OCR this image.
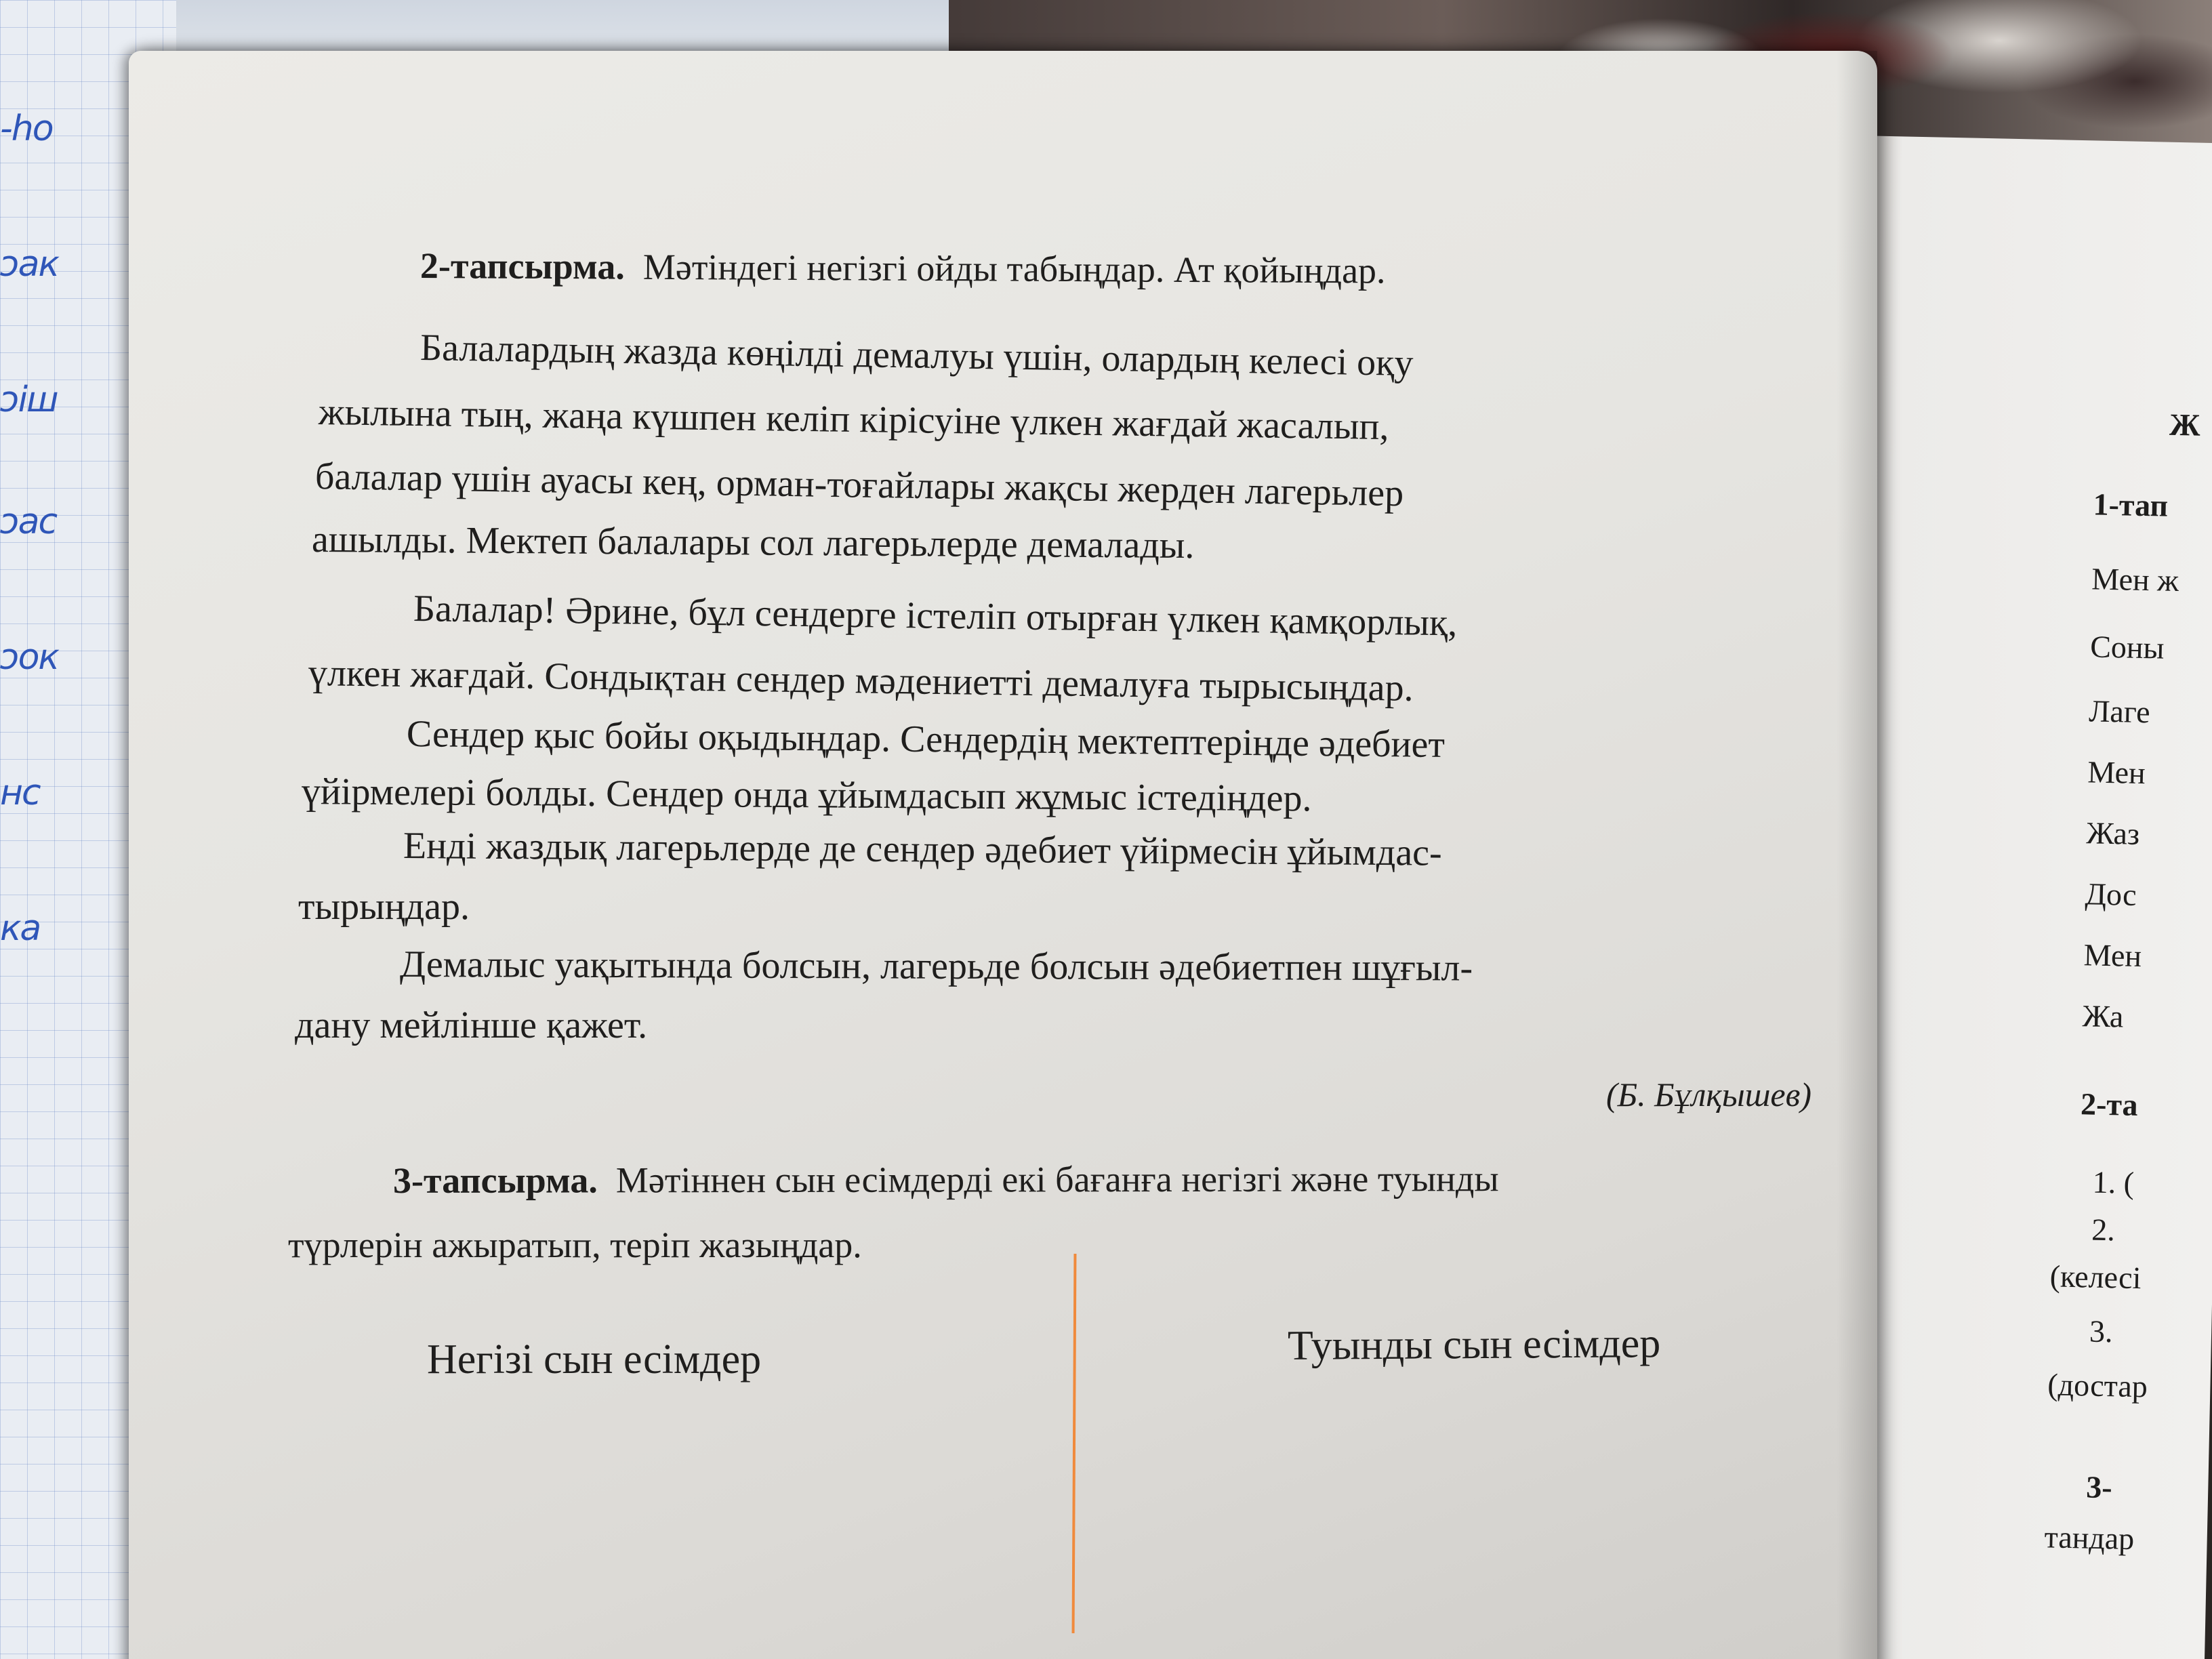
-hо
ɔак
ɔіш
ɔас
ɔок
нс
ка
Ж
1-тап
Мен ж
Соны
Лаге
Мен
Жаз
Дос
Мен
Жа
2-та
1. (
2.
(келесі
3.
(достар
3-
тандар
2-тапсырма. Мәтіндегі негізгі ойды табыңдар. Ат қойыңдар.
Балалардың жазда көңілді демалуы үшін, олардың келесі оқу
жылына тың, жаңа күшпен келіп кірісуіне үлкен жағдай жасалып,
балалар үшін ауасы кең, орман-тоғайлары жақсы жерден лагерьлер
ашылды. Мектеп балалары сол лагерьлерде демалады.
Балалар! Әрине, бұл сендерге істеліп отырған үлкен қамқорлық,
үлкен жағдай. Сондықтан сендер мәдениетті демалуға тырысыңдар.
Сендер қыс бойы оқыдыңдар. Сендердің мектептеріңде әдебиет
үйірмелері болды. Сендер онда ұйымдасып жұмыс істедіңдер.
Енді жаздық лагерьлерде де сендер әдебиет үйірмесін ұйымдас-
тырыңдар.
Демалыс уақытында болсын, лагерьде болсын әдебиетпен шұғыл-
дану мейлінше қажет.
(Б. Бұлқышев)
3-тапсырма. Мәтіннен сын есімдерді екі бағанға негізгі және туынды
түрлерін ажыратып, теріп жазыңдар.
Негізі сын есімдер	Туынды сын есімдер
